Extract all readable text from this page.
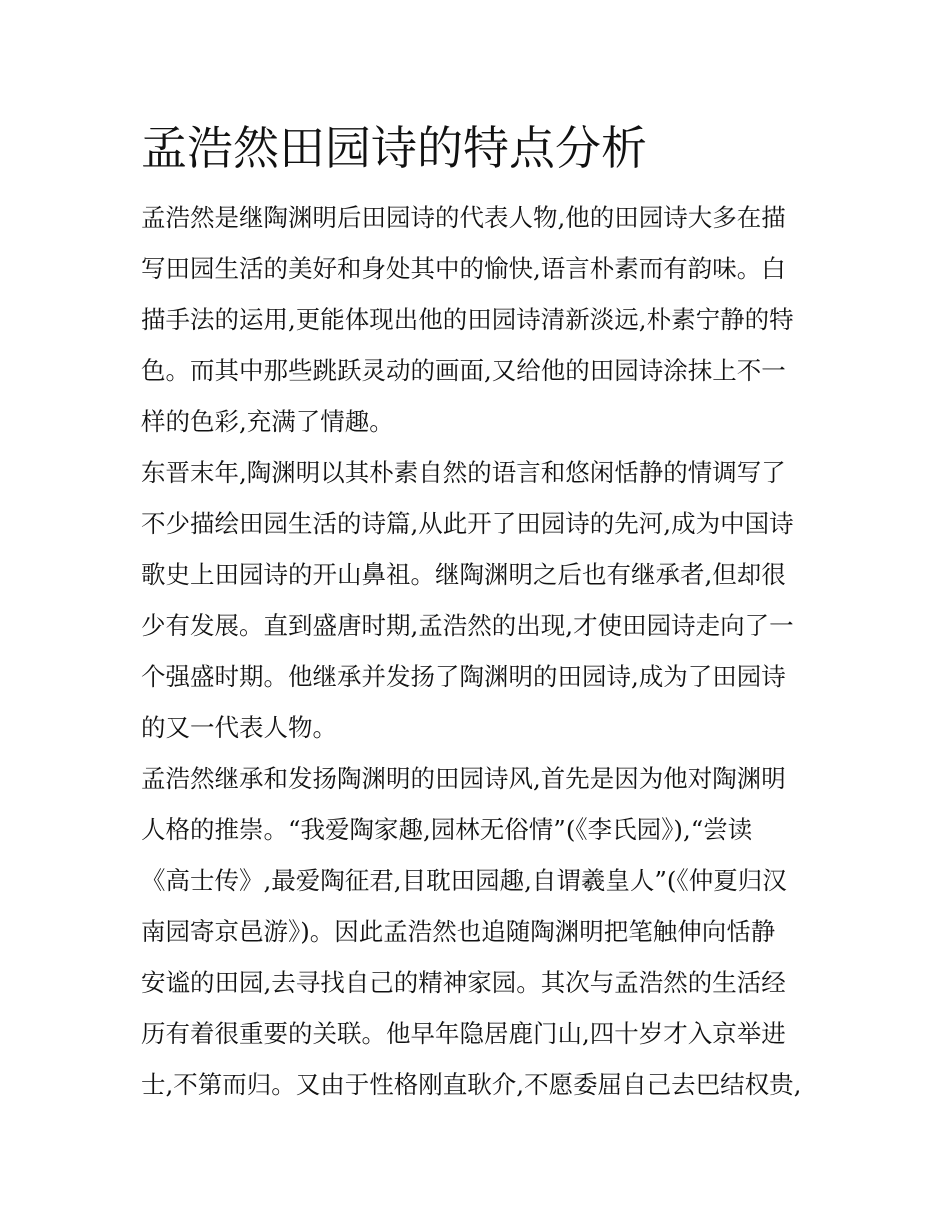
孟浩然田园诗的特点分析

孟浩然是继陶渊明后田园诗的代表人物,他的田园诗大多在描
写田园生活的美好和身处其中的愉快,语言朴素而有韵味。白
描手法的运用,更能体现出他的田园诗清新淡远,朴素宁静的特
色。而其中那些跳跃灵动的画面,又给他的田园诗涂抹上不一
样的色彩,充满了情趣。

东晋末年,陶渊明以其朴素自然的语言和悠闲恬静的情调写了
不少描绘田园生活的诗篇,从此开了田园诗的先河,成为中国诗
歌史上田园诗的开山鼻祖。继陶渊明之后也有继承者,但却很
少有发展。直到盛唐时期,孟浩然的出现,才使田园诗走向了一
个强盛时期。他继承并发扬了陶渊明的田园诗,成为了田园诗
的又一代表人物。

孟浩然继承和发扬陶渊明的田园诗风,首先是因为他对陶渊明
人格的推崇。“我爱陶家趣,园林无俗情”(《李氏园》),“尝读
《高士传》,最爱陶征君,目耽田园趣,自谓羲皇人”(《仲夏归汉
南园寄京邑游》)。因此孟浩然也追随陶渊明把笔触伸向恬静
安谧的田园,去寻找自己的精神家园。其次与孟浩然的生活经
历有着很重要的关联。他早年隐居鹿门山,四十岁才入京举进
士,不第而归。又由于性格刚直耿介,不愿委屈自己去巴结权贵,
